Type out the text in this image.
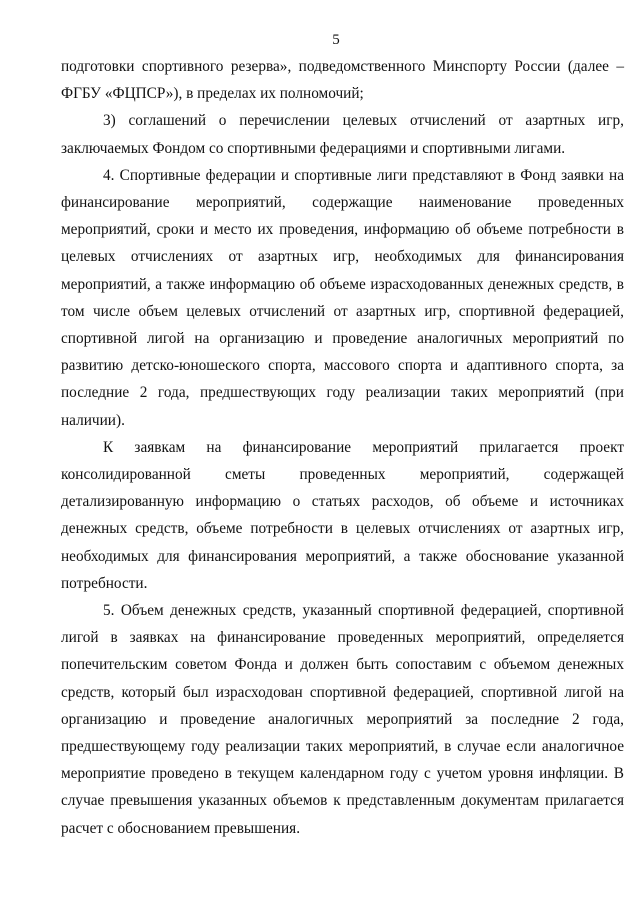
5

подготовки спортивного резерва», подведомственного Минспорту России (далее – ФГБУ «ФЦПСР»), в пределах их полномочий;

3) соглашений о перечислении целевых отчислений от азартных игр, заключаемых Фондом со спортивными федерациями и спортивными лигами.

4. Спортивные федерации и спортивные лиги представляют в Фонд заявки на финансирование мероприятий, содержащие наименование проведенных мероприятий, сроки и место их проведения, информацию об объеме потребности в целевых отчислениях от азартных игр, необходимых для финансирования мероприятий, а также информацию об объеме израсходованных денежных средств, в том числе объем целевых отчислений от азартных игр, спортивной федерацией, спортивной лигой на организацию и проведение аналогичных мероприятий по развитию детско-юношеского спорта, массового спорта и адаптивного спорта, за последние 2 года, предшествующих году реализации таких мероприятий (при наличии).

К заявкам на финансирование мероприятий прилагается проект консолидированной сметы проведенных мероприятий, содержащей детализированную информацию о статьях расходов, об объеме и источниках денежных средств, объеме потребности в целевых отчислениях от азартных игр, необходимых для финансирования мероприятий, а также обоснование указанной потребности.

5. Объем денежных средств, указанный спортивной федерацией, спортивной лигой в заявках на финансирование проведенных мероприятий, определяется попечительским советом Фонда и должен быть сопоставим с объемом денежных средств, который был израсходован спортивной федерацией, спортивной лигой на организацию и проведение аналогичных мероприятий за последние 2 года, предшествующему году реализации таких мероприятий, в случае если аналогичное мероприятие проведено в текущем календарном году с учетом уровня инфляции. В случае превышения указанных объемов к представленным документам прилагается расчет с обоснованием превышения.
